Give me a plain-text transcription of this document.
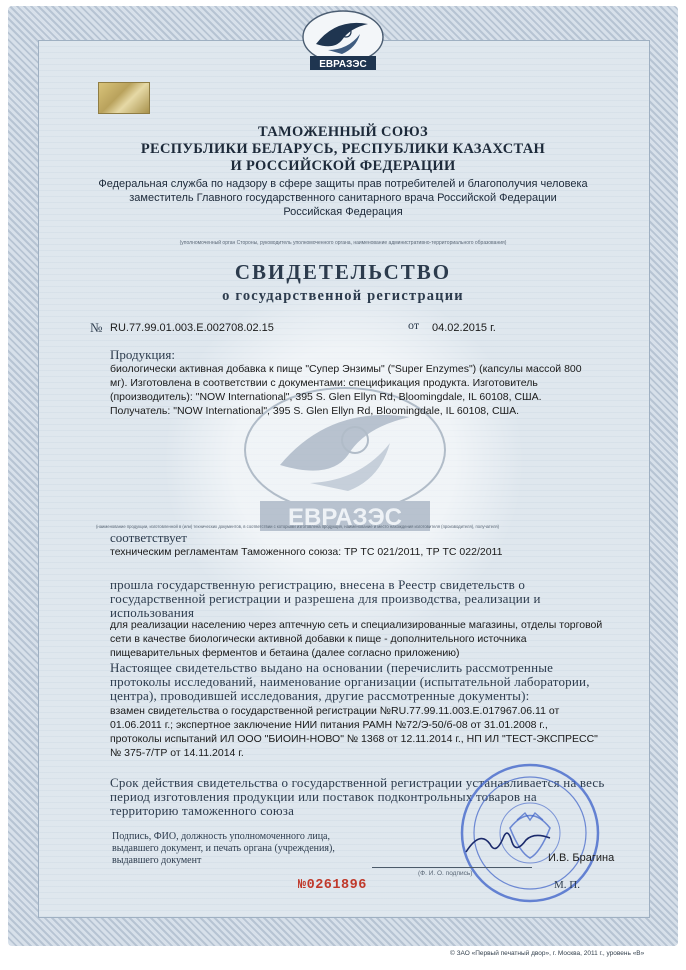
ЕВРАЗЭС
ЕВРАЗЭС

ТАМОЖЕННЫЙ СОЮЗ

РЕСПУБЛИКИ БЕЛАРУСЬ, РЕСПУБЛИКИ КАЗАХСТАН

И РОССИЙСКОЙ ФЕДЕРАЦИИ

Федеральная служба по надзору в сфере защиты прав потребителей и благополучия человека

заместитель Главного государственного санитарного врача Российской Федерации

Российская Федерация

(уполномоченный орган Стороны, руководитель уполномоченного органа, наименование административно-территориального образования)

СВИДЕТЕЛЬСТВО

о государственной регистрации

№ RU.77.99.01.003.E.002708.02.15	от 04.02.2015 г.

Продукция:

биологически активная добавка к пище "Супер Энзимы" ("Super Enzymes") (капсулы массой 800

мг). Изготовлена в соответствии с документами: спецификация продукта. Изготовитель

(производитель): "NOW International", 395 S. Glen Ellyn Rd, Bloomingdale, IL 60108, США.

Получатель: "NOW International", 395 S. Glen Ellyn Rd, Bloomingdale, IL 60108, США.

(наименование продукции, изготовленной в (или) технических документов, в соответствии с которыми изготовлена продукция, наименование и место нахождения изготовителя (производителя), получателя)

соответствует

техническим регламентам Таможенного союза: ТР ТС 021/2011, ТР ТС 022/2011

прошла государственную регистрацию, внесена в Реестр свидетельств о

государственной регистрации и разрешена для производства, реализации и

использования

для реализации населению через аптечную сеть и специализированные магазины, отделы торговой

сети в качестве биологически активной добавки к пище - дополнительного источника

пищеварительных ферментов и бетаина (далее согласно приложению)

Настоящее свидетельство выдано на основании (перечислить рассмотренные

протоколы исследований, наименование организации (испытательной лаборатории,

центра), проводившей исследования, другие рассмотренные документы):

взамен свидетельства о государственной регистрации №RU.77.99.11.003.E.017967.06.11 от

01.06.2011 г.; экспертное заключение НИИ питания РАМН №72/Э-50/б-08 от 31.01.2008 г.,

протоколы испытаний ИЛ ООО "БИОИН-НОВО" № 1368 от 12.11.2014 г., НП ИЛ "ТЕСТ-ЭКСПРЕСС"

№ 375-7/ТР от 14.11.2014 г.

Срок действия свидетельства о государственной регистрации устанавливается на весь

период изготовления продукции или поставок подконтрольных товаров на

территорию таможенного союза

Подпись, ФИО, должность уполномоченного лица,

выдавшего документ, и печать органа (учреждения),

выдавшего документ	И.В. Брагина

(Ф. И. О. подпись)

М. П.

№0261896

© ЗАО «Первый печатный двор», г. Москва, 2011 г., уровень «В»
